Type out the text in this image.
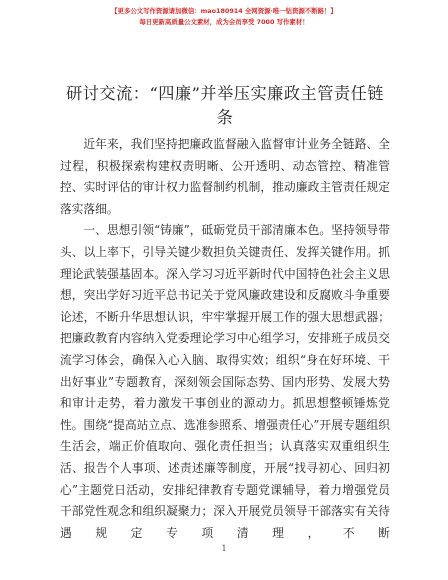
【更多公文写作资源请加微信：mao180914 全网资源·唯一钻资源不断路！】
每日更新高质量公文素材，成为会员享受 7000 写作素材！
研讨交流：“四廉”并举压实廉政主管责任链条

近年来，我们坚持把廉政监督融入监督审计业务全链路、全过程，积极探索构建权责明晰、公开透明、动态管控、精准管控、实时评估的审计权力监督制约机制，推动廉政主管责任规定落实落细。

一、思想引领“铸廉”，砥砺党员干部清廉本色。坚持领导带头、以上率下，引导关键少数担负关键责任、发挥关键作用。抓理论武装强基固本。深入学习习近平新时代中国特色社会主义思想，突出学好习近平总书记关于党风廉政建设和反腐败斗争重要论述，不断升华思想认识，牢牢掌握开展工作的强大思想武器；把廉政教育内容纳入党委理论学习中心组学习，安排班子成员交流学习体会，确保入心入脑、取得实效；组织“身在好环境、干出好事业”专题教育，深刻领会国际态势、国内形势、发展大势和审计走势，着力激发干事创业的源动力。抓思想整顿锤炼党性。围绕“提高站立点、选准参照系、增强责任心”开展专题组织生活会，端正价值取向、强化责任担当；认真落实双重组织生活、报告个人事项、述责述廉等制度，开展“找寻初心、回归初心”主题党日活动，安排纪律教育专题党课辅导，着力增强党员干部党性观念和组织凝聚力；深入开展党员领导干部落实有关待遇规定专项清理，不断

1
